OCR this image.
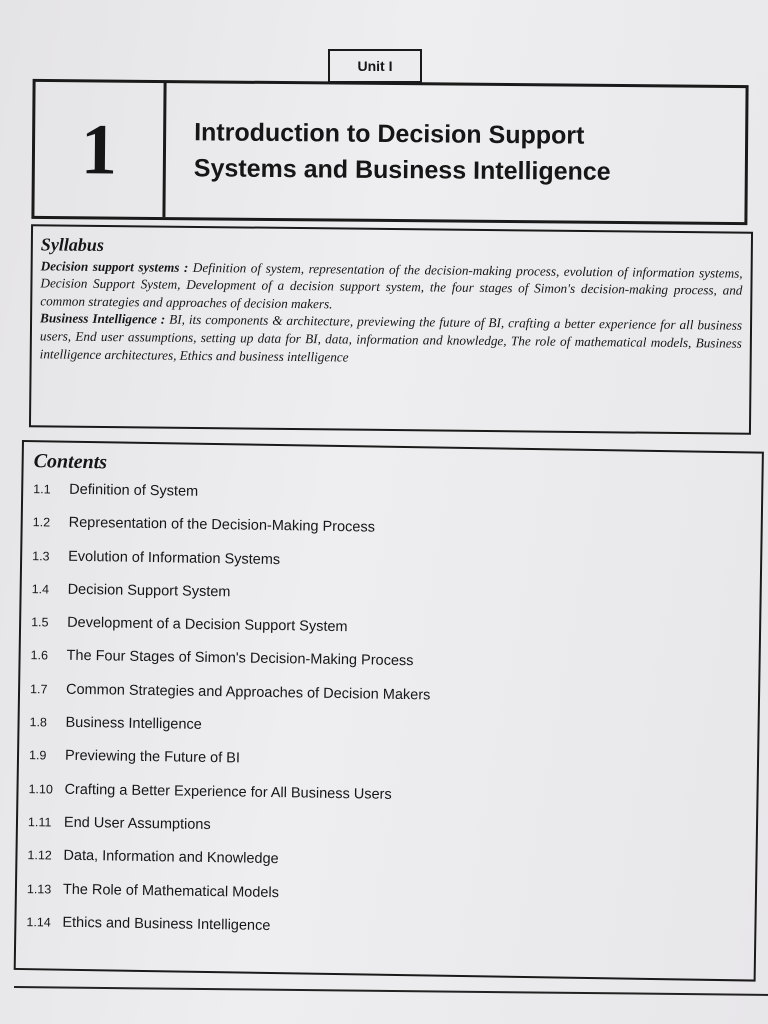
Unit I
1	Introduction to Decision Support
Systems and Business Intelligence
Syllabus

Decision support systems : Definition of system, representation of the decision-making process, evolution of information systems, Decision Support System, Development of a decision support system, the four stages of Simon's decision-making process, and common strategies and approaches of decision makers.

Business Intelligence : BI, its components & architecture, previewing the future of BI, crafting a better experience for all business users, End user assumptions, setting up data for BI, data, information and knowledge, The role of mathematical models, Business intelligence architectures, Ethics and business intelligence

Contents
1.1	Definition of System
1.2	Representation of the Decision-Making Process
1.3	Evolution of Information Systems
1.4	Decision Support System
1.5	Development of a Decision Support System
1.6	The Four Stages of Simon's Decision-Making Process
1.7	Common Strategies and Approaches of Decision Makers
1.8	Business Intelligence
1.9	Previewing the Future of BI
1.10 Crafting a Better Experience for All Business Users
1.11 End User Assumptions
1.12 Data, Information and Knowledge
1.13 The Role of Mathematical Models
1.14 Ethics and Business Intelligence
